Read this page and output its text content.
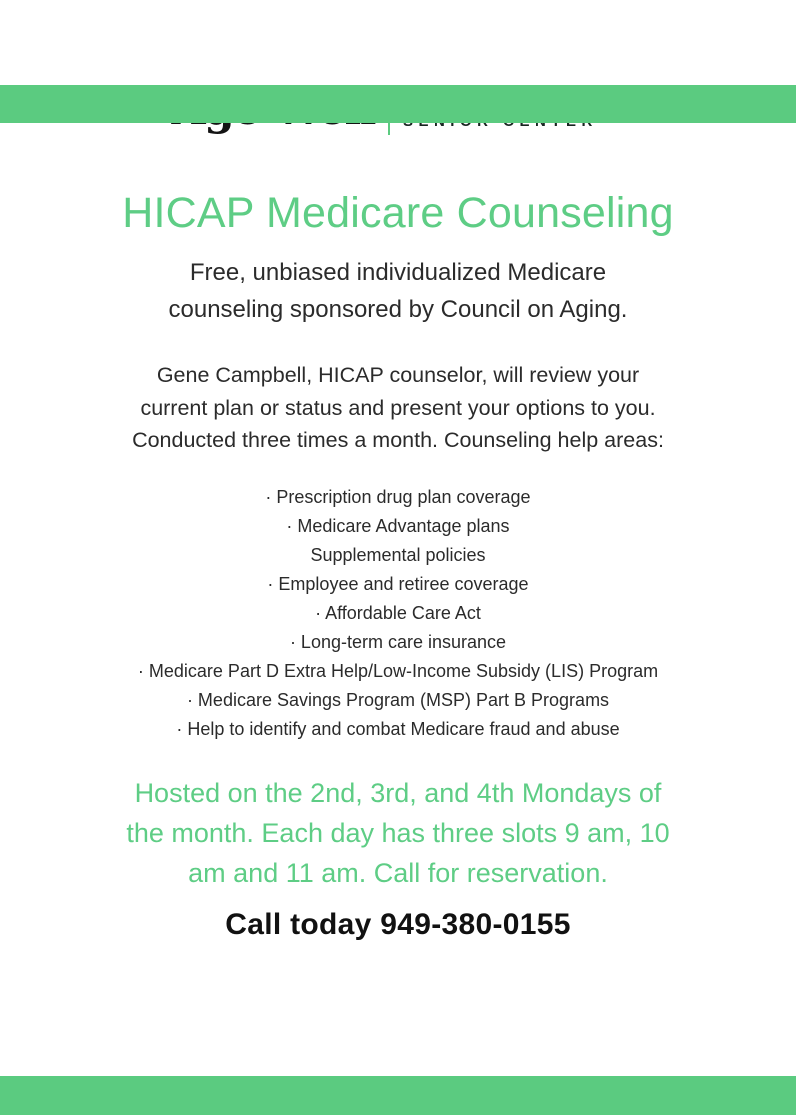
HICAP Medicare Counseling
Free, unbiased individualized Medicare
counseling sponsored by Council on Aging.
Gene Campbell, HICAP counselor, will review your
current plan or status and present your options to you.
Conducted three times a month. Counseling help areas:
· Prescription drug plan coverage
· Medicare Advantage plans
Supplemental policies
· Employee and retiree coverage
· Affordable Care Act
· Long-term care insurance
· Medicare Part D Extra Help/Low-Income Subsidy (LIS) Program
· Medicare Savings Program (MSP) Part B Programs
· Help to identify and combat Medicare fraud and abuse
Hosted on the 2nd, 3rd, and 4th Mondays of
the month. Each day has three slots 9 am, 10
am and 11 am. Call for reservation.
Call today 949-380-0155
